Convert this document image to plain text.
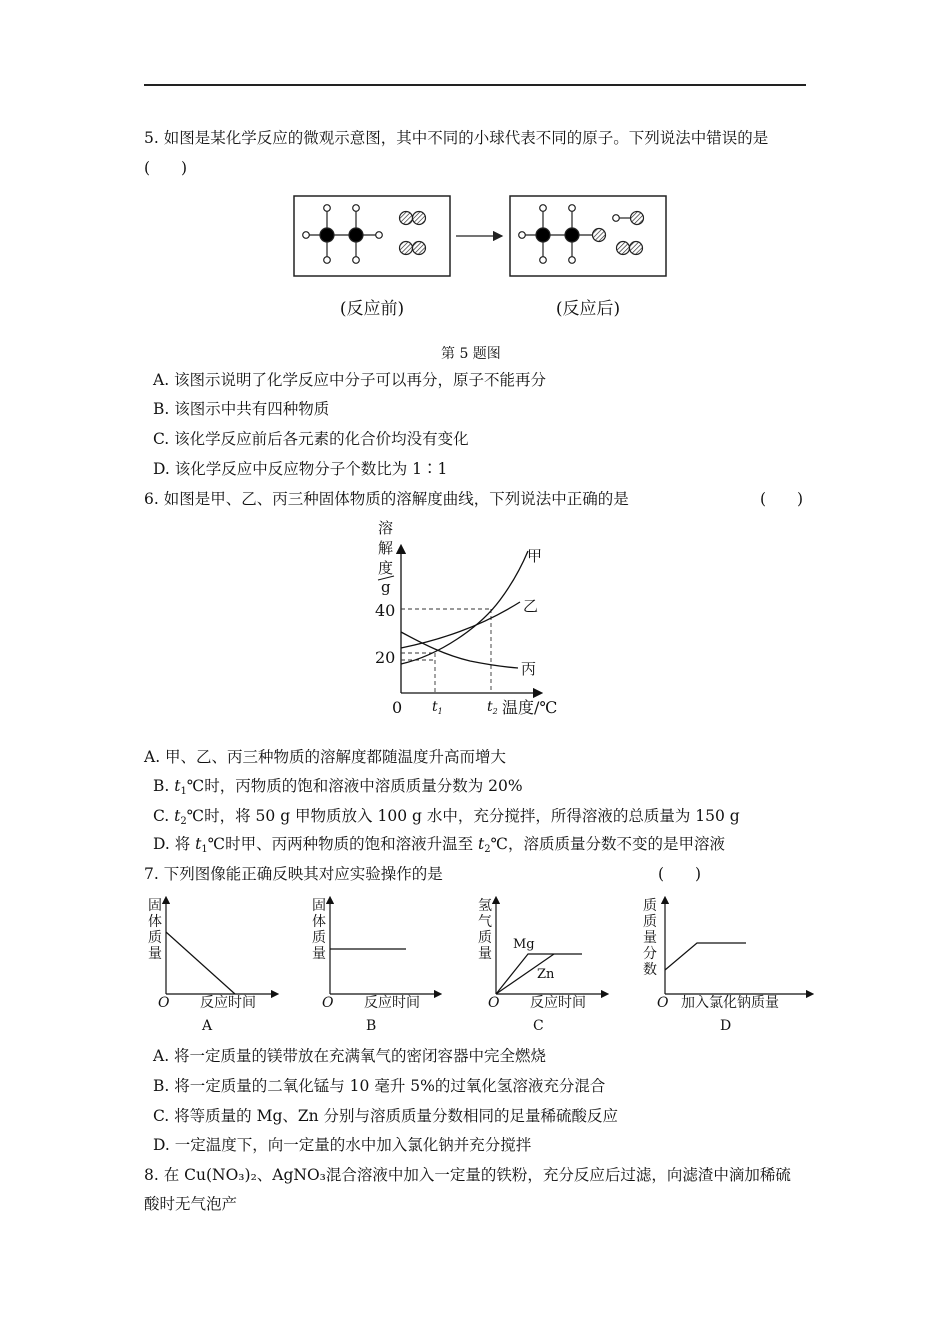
5. 如图是某化学反应的微观示意图，其中不同的小球代表不同的原子。下列说法中错误的是
(　　)
(反应前)	(反应后)
第 5 题图
A. 该图示说明了化学反应中分子可以再分，原子不能再分
B. 该图示中共有四种物质
C. 该化学反应前后各元素的化合价均没有变化
D. 该化学反应中反应物分子个数比为 1∶1
6. 如图是甲、乙、丙三种固体物质的溶解度曲线，下列说法中正确的是	(　　)
溶
解
度
g
0
40
20
$t_1$	$t_2$ 温度/℃
甲
乙
丙
A. 甲、乙、丙三种物质的溶解度都随温度升高而增大
B. $t_1℃$时，丙物质的饱和溶液中溶质质量分数为 20%
C. $t_2℃$时，将 50 g 甲物质放入 100 g 水中，充分搅拌，所得溶液的总质量为 150 g
D. 将 $t_1℃$时甲、丙两种物质的饱和溶液升温至 $t_2℃$，溶质质量分数不变的是甲溶液
7. 下列图像能正确反映其对应实验操作的是	(　　)
固
体
质
量
O 反应时间
A
固
体
质
量
O 反应时间
B
氢
气
质
量
Mg
Zn
O 反应时间
C
质
质
量
分
数
O 加入氯化钠质量
D
A. 将一定质量的镁带放在充满氧气的密闭容器中完全燃烧
B. 将一定质量的二氧化锰与 10 毫升 5%的过氧化氢溶液充分混合
C. 将等质量的 Mg、Zn 分别与溶质质量分数相同的足量稀硫酸反应
D. 一定温度下，向一定量的水中加入氯化钠并充分搅拌
8. 在 Cu(NO₃)₂、AgNO₃混合溶液中加入一定量的铁粉，充分反应后过滤，向滤渣中滴加稀硫
酸时无气泡产
